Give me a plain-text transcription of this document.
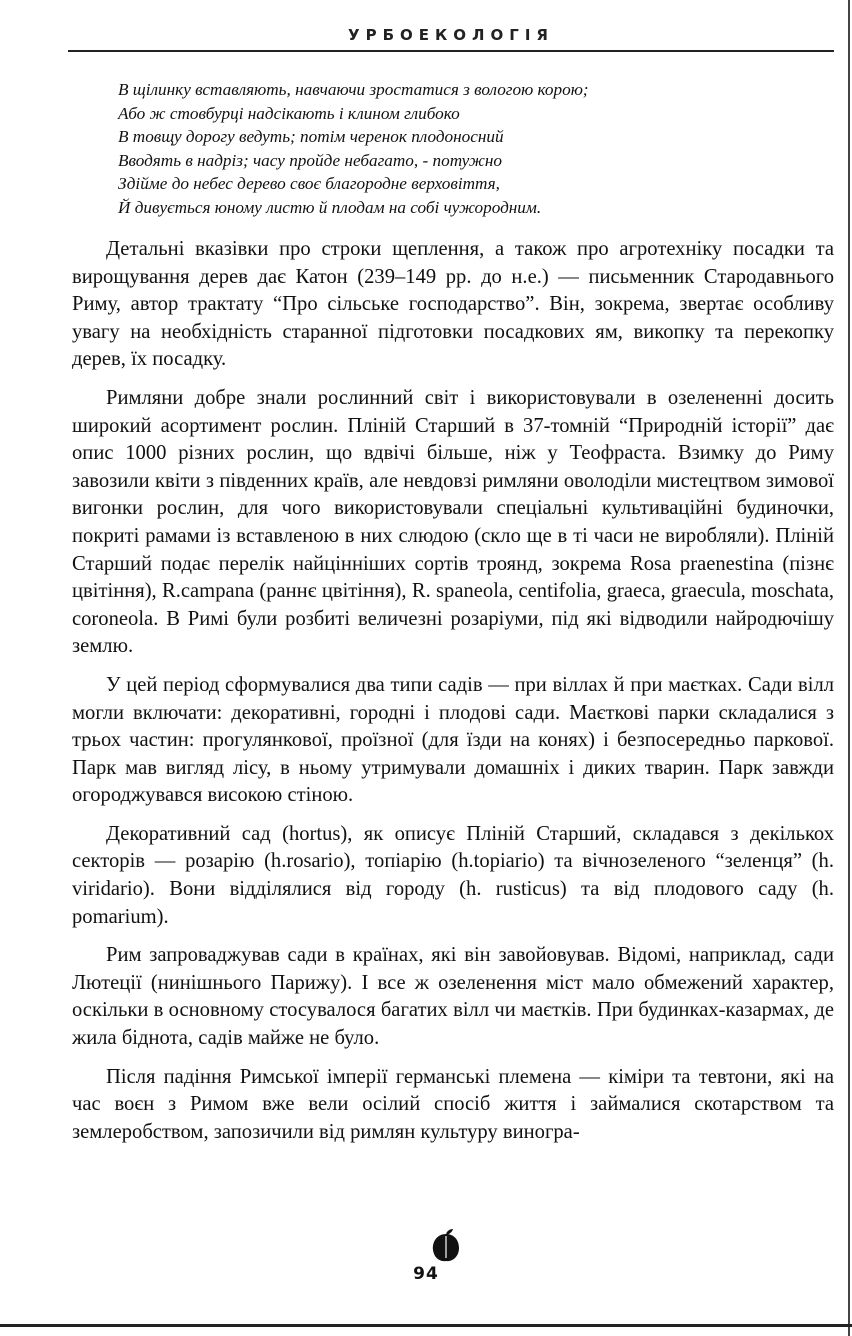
УРБОЕКОЛОГІЯ
В щілинку вставляють, навчаючи зростатися з вологою корою;
Або ж стовбурці надсікають і клином глибоко
В товщу дорогу ведуть; потім черенок плодоносний
Вводять в надріз; часу пройде небагато, - потужно
Здійме до небес дерево своє благородне верховіття,
Й дивується юному листю й плодам на собі чужородним.

Детальні вказівки про строки щеплення, а також про агротехніку посадки та вирощування дерев дає Катон (239–149 рр. до н.е.) — письменник Стародавнього Риму, автор трактату “Про сільське господарство”. Він, зокрема, звертає особливу увагу на необхідність старанної підготовки посадкових ям, викопку та перекопку дерев, їх посадку.

Римляни добре знали рослинний світ і використовували в озелененні досить широкий асортимент рослин. Пліній Старший в 37-томній “Природній історії” дає опис 1000 різних рослин, що вдвічі більше, ніж у Теофраста. Взимку до Риму завозили квіти з південних країв, але невдовзі римляни оволоділи мистецтвом зимової вигонки рослин, для чого використовували спеціальні культиваційні будиночки, покриті рамами із вставленою в них слюдою (скло ще в ті часи не виробляли). Пліній Старший подає перелік найцінніших сортів троянд, зокрема Rosa praenestina (пізнє цвітіння), R.campana (раннє цвітіння), R. spaneola, centifolia, graeca, graecula, moschata, coroneola. В Римі були розбиті величезні розаріуми, під які відводили найродючішу землю.

У цей період сформувалися два типи садів — при віллах й при маєтках. Сади вілл могли включати: декоративні, городні і плодові сади. Маєткові парки складалися з трьох частин: прогулянкової, проїзної (для їзди на конях) і безпосередньо паркової. Парк мав вигляд лісу, в ньому утримували домашніх і диких тварин. Парк завжди огороджувався високою стіною.

Декоративний сад (hortus), як описує Пліній Старший, складався з декількох секторів — розарію (h.rosario), топіарію (h.topiario) та вічнозеленого “зеленця” (h. viridario). Вони відділялися від городу (h. rusticus) та від плодового саду (h. pomarium).

Рим запроваджував сади в країнах, які він завойовував. Відомі, наприклад, сади Лютеції (нинішнього Парижу). І все ж озеленення міст мало обмежений характер, оскільки в основному стосувалося багатих вілл чи маєтків. При будинках-казармах, де жила біднота, садів майже не було.

Після падіння Римської імперії германські племена — кіміри та тевтони, які на час воєн з Римом вже вели осілий спосіб життя і займалися скотарством та землеробством, запозичили від римлян культуру виногра-

94
